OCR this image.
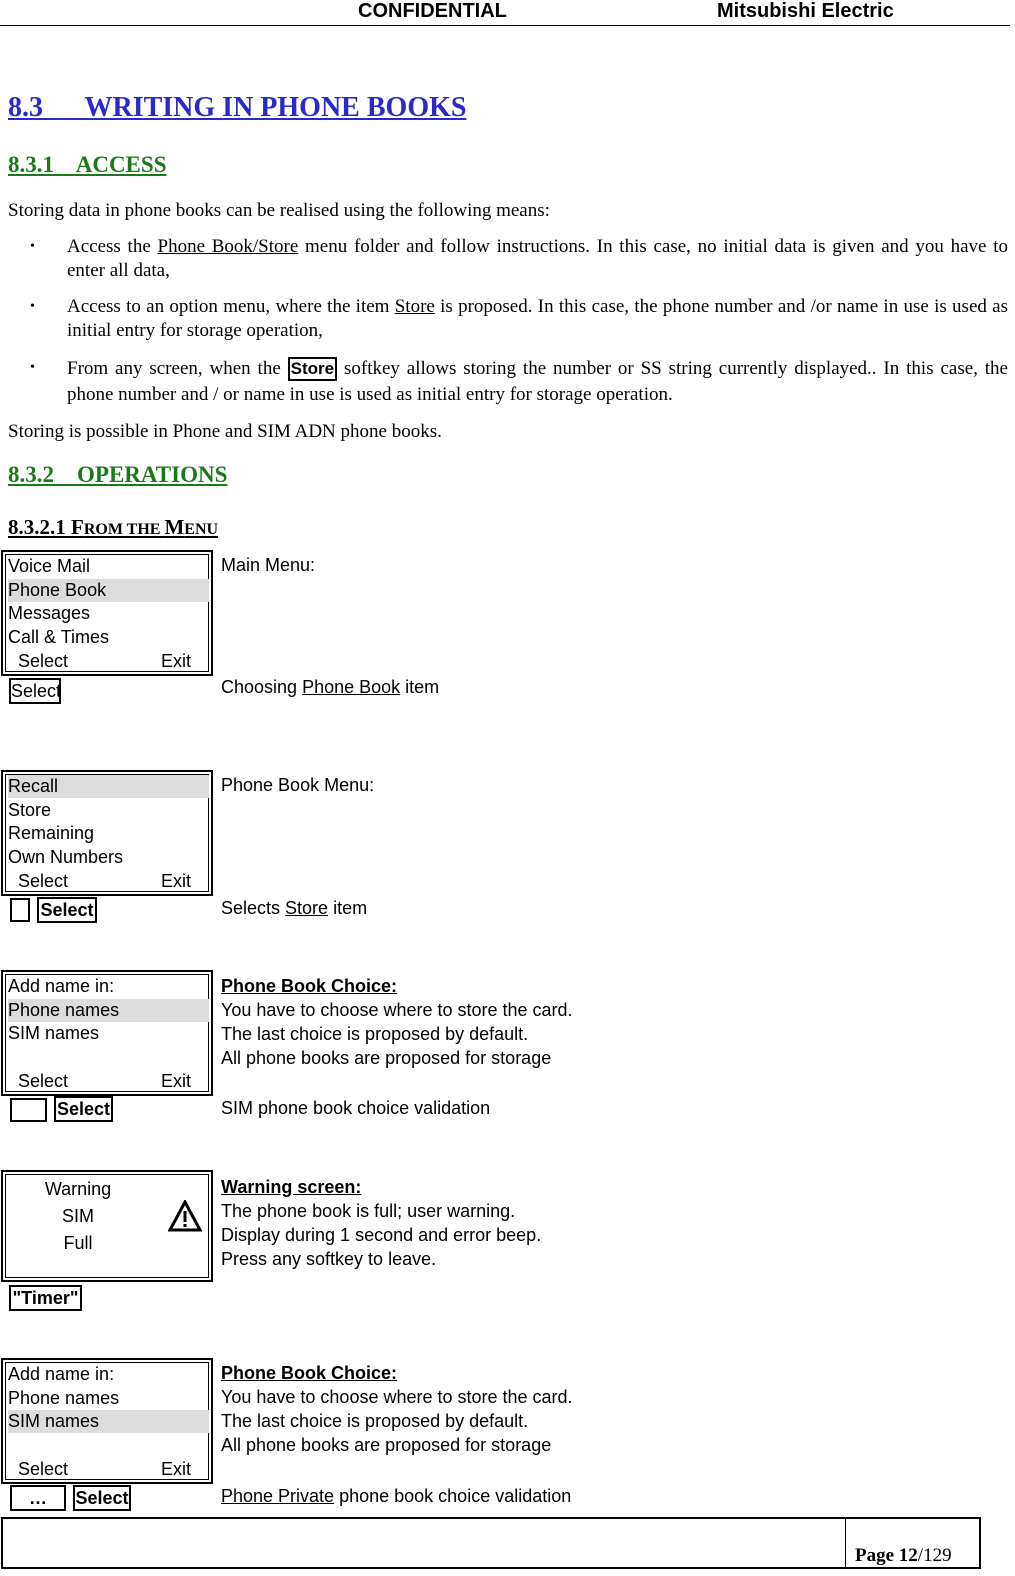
CONFIDENTIAL	Mitsubishi Electric
8.3      WRITING IN PHONE BOOKS
8.3.1    ACCESS
Storing data in phone books can be realised using the following means:
• Access the Phone Book/Store menu folder and follow instructions. In this case, no initial data is given and you have to enter all data,
• Access to an option menu, where the item Store is proposed. In this case, the phone number and /or name in use is used as initial entry for storage operation,
• From any screen, when the Store softkey allows storing the number or SS string currently displayed.. In this case, the phone number and / or name in use is used as initial entry for storage operation.
Storing is possible in Phone and SIM ADN phone books.
8.3.2    OPERATIONS
8.3.2.1 FROM THE MENU
Voice Mail
Phone Book
Messages
Call & Times
Select	Exit
Main Menu:
Select	Choosing Phone Book item
Recall
Store
Remaining
Own Numbers
Select	Exit
Phone Book Menu:
Select	Selects Store item
Add name in:
Phone names
SIM names
Select	Exit
Phone Book Choice:
You have to choose where to store the card.
The last choice is proposed by default.
All phone books are proposed for storage
Select	SIM phone book choice validation
Warning
SIM
Full
Warning screen:
The phone book is full; user warning.
Display during 1 second and error beep.
Press any softkey to leave.
"Timer"
Add name in:
Phone names
SIM names
Select	Exit
Phone Book Choice:
You have to choose where to store the card.
The last choice is proposed by default.
All phone books are proposed for storage
…	Select	Phone Private phone book choice validation
Page 12/129
